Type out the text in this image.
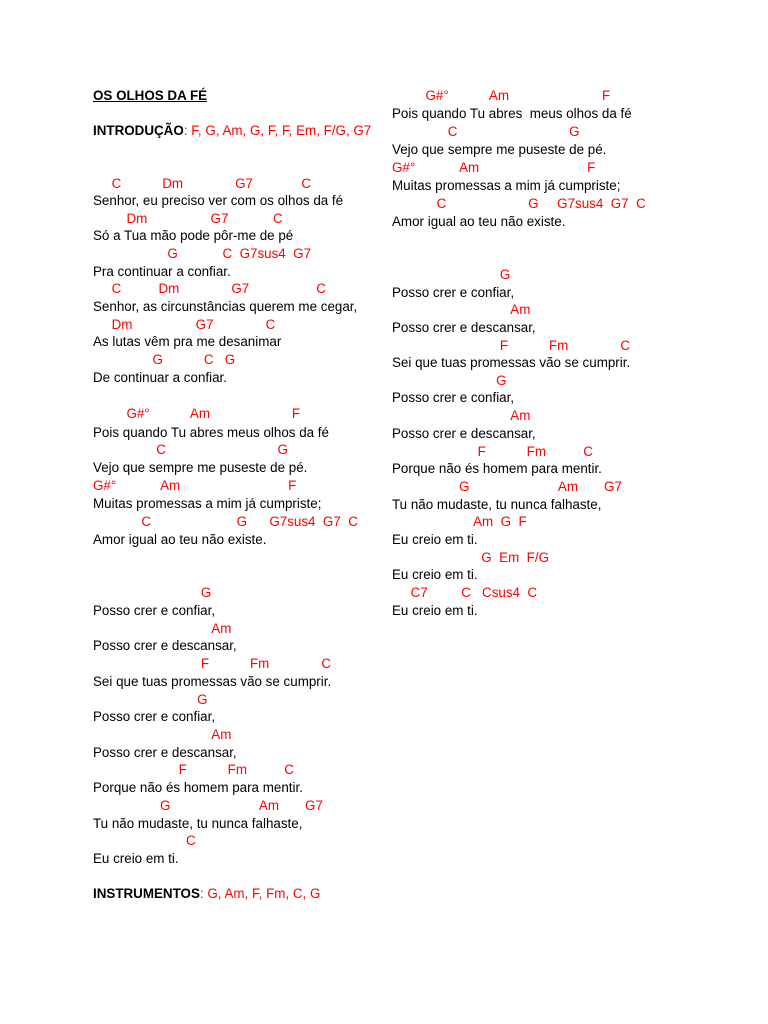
OS OLHOS DA FÉ
INTRODUÇÃO: F, G, Am, G, F, F, Em, F/G, G7
C           Dm              G7             C
Senhor, eu preciso ver com os olhos da fé
Dm                 G7            C
Só a Tua mão pode pôr-me de pé
G            C  G7sus4  G7
Pra continuar a confiar.
C          Dm              G7                  C
Senhor, as circunstâncias querem me cegar,
Dm                 G7              C
As lutas vêm pra me desanimar
G           C   G
De continuar a confiar.
G#°           Am                      F
Pois quando Tu abres meus olhos da fé
C                              G
Vejo que sempre me puseste de pé.
G#°            Am                             F
Muitas promessas a mim já cumpriste;
C                       G      G7sus4  G7  C
Amor igual ao teu não existe.
G
Posso crer e confiar,
Am
Posso crer e descansar,
F           Fm              C
Sei que tuas promessas vão se cumprir.
G
Posso crer e confiar,
Am
Posso crer e descansar,
F           Fm          C
Porque não és homem para mentir.
G                        Am       G7
Tu não mudaste, tu nunca falhaste,
C
Eu creio em ti.
INSTRUMENTOS: G, Am, F, Fm, C, G
G#°           Am                         F
Pois quando Tu abres  meus olhos da fé
C                              G
Vejo que sempre me puseste de pé.
G#°            Am                             F
Muitas promessas a mim já cumpriste;
C                      G     G7sus4  G7  C
Amor igual ao teu não existe.
G
Posso crer e confiar,
Am
Posso crer e descansar,
F           Fm              C
Sei que tuas promessas vão se cumprir.
G
Posso crer e confiar,
Am
Posso crer e descansar,
F           Fm          C
Porque não és homem para mentir.
G                        Am       G7
Tu não mudaste, tu nunca falhaste,
Am  G  F
Eu creio em ti.
G  Em  F/G
Eu creio em ti.
C7         C   Csus4  C
Eu creio em ti.
